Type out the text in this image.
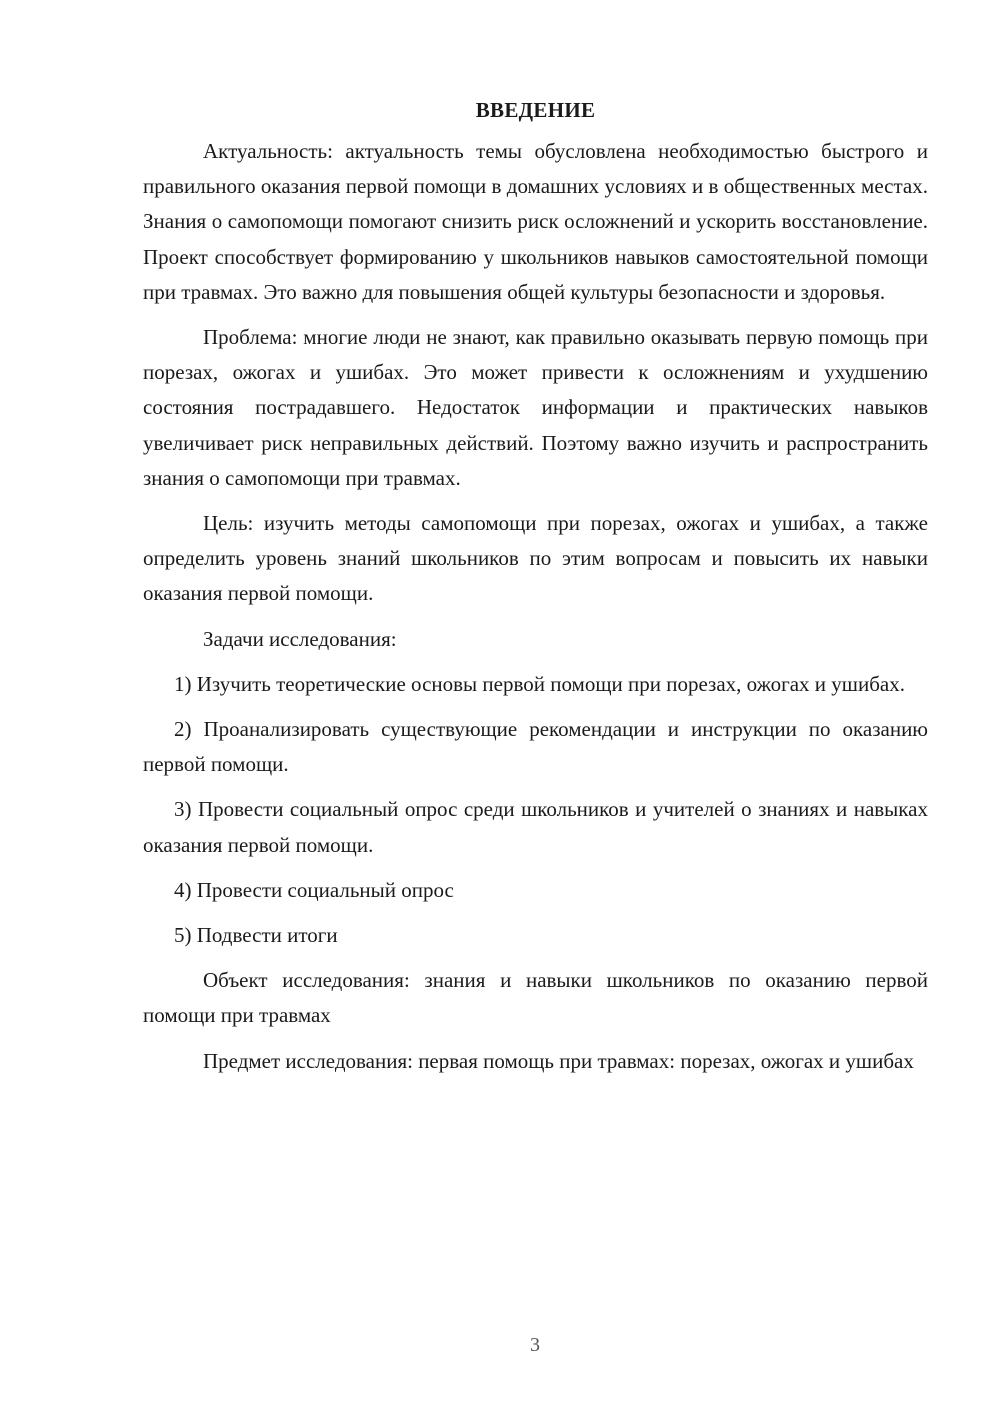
ВВЕДЕНИЕ

Актуальность: актуальность темы обусловлена необходимостью быстрого и правильного оказания первой помощи в домашних условиях и в общественных местах. Знания о самопомощи помогают снизить риск осложнений и ускорить восстановление. Проект способствует формированию у школьников навыков самостоятельной помощи при травмах. Это важно для повышения общей культуры безопасности и здоровья.

Проблема: многие люди не знают, как правильно оказывать первую помощь при порезах, ожогах и ушибах. Это может привести к осложнениям и ухудшению состояния пострадавшего. Недостаток информации и практических навыков увеличивает риск неправильных действий. Поэтому важно изучить и распространить знания о самопомощи при травмах.

Цель: изучить методы самопомощи при порезах, ожогах и ушибах, а также определить уровень знаний школьников по этим вопросам и повысить их навыки оказания первой помощи.

Задачи исследования:

1) Изучить теоретические основы первой помощи при порезах, ожогах и ушибах.

2) Проанализировать существующие рекомендации и инструкции по оказанию первой помощи.

3) Провести социальный опрос среди школьников и учителей о знаниях и навыках оказания первой помощи.

4) Провести социальный опрос

5) Подвести итоги

Объект исследования: знания и навыки школьников по оказанию первой помощи при травмах

Предмет исследования: первая помощь при травмах: порезах, ожогах и ушибах

3
